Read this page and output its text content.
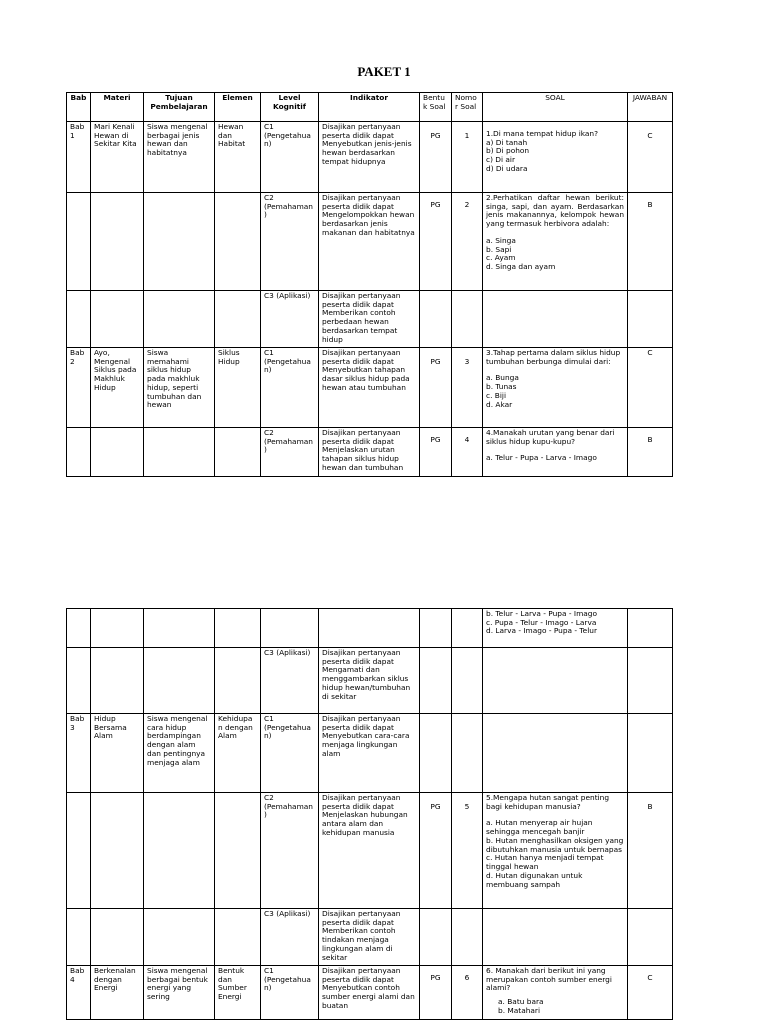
PAKET 1
Bab	Materi	Tujuan Pembelajaran	Elemen	Level Kognitif	Indikator	Bentuk Soal	Nomor Soal	SOAL	JAWABAN
Bab 1	Mari Kenali Hewan di Sekitar Kita	Siswa mengenal berbagai jenis hewan dan habitatnya	Hewan dan Habitat	C1 (Pengetahuan)	Disajikan pertanyaan peserta didik dapat Menyebutkan jenis-jenis hewan berdasarkan tempat hidupnya	PG	1	1.Di mana tempat hidup ikan?
a) Di tanah
b) Di pohon
c) Di air
d) Di udara	C
				C2 (Pemahaman)	Disajikan pertanyaan peserta didik dapat Mengelompokkan hewan berdasarkan jenis makanan dan habitatnya	PG	2	2.Perhatikan daftar hewan berikut: singa, sapi, dan ayam. Berdasarkan jenis makanannya, kelompok hewan yang termasuk herbivora adalah:
a. Singa
b. Sapi
c. Ayam
d. Singa dan ayam	B
				C3 (Aplikasi)	Disajikan pertanyaan peserta didik dapat Memberikan contoh perbedaan hewan berdasarkan tempat hidup				
Bab 2	Ayo, Mengenal Siklus pada Makhluk Hidup	Siswa memahami siklus hidup pada makhluk hidup, seperti tumbuhan dan hewan	Siklus Hidup	C1 (Pengetahuan)	Disajikan pertanyaan peserta didik dapat Menyebutkan tahapan dasar siklus hidup pada hewan atau tumbuhan	PG	3	3.Tahap pertama dalam siklus hidup tumbuhan berbunga dimulai dari:
a. Bunga
b. Tunas
c. Biji
d. Akar	C
				C2 (Pemahaman)	Disajikan pertanyaan peserta didik dapat Menjelaskan urutan tahapan siklus hidup hewan dan tumbuhan	PG	4	4.Manakah urutan yang benar dari siklus hidup kupu-kupu?
a. Telur - Pupa - Larva - Imago	B

								b. Telur - Larva - Pupa - Imago
c. Pupa - Telur - Imago - Larva
d. Larva - Imago - Pupa - Telur	

				C3 (Aplikasi)	Disajikan pertanyaan peserta didik dapat Mengamati dan menggambarkan siklus hidup hewan/tumbuhan di sekitar				
Bab 3	Hidup Bersama Alam	Siswa mengenal cara hidup berdampingan dengan alam dan pentingnya menjaga alam	Kehidupan dengan Alam	C1 (Pengetahuan)	Disajikan pertanyaan peserta didik dapat Menyebutkan cara-cara menjaga lingkungan alam				
				C2 (Pemahaman)	Disajikan pertanyaan peserta didik dapat Menjelaskan hubungan antara alam dan kehidupan manusia	PG	5	5.Mengapa hutan sangat penting bagi kehidupan manusia?
a. Hutan menyerap air hujan sehingga mencegah banjir
b. Hutan menghasilkan oksigen yang dibutuhkan manusia untuk bernapas
c. Hutan hanya menjadi tempat tinggal hewan
d. Hutan digunakan untuk membuang sampah	B
				C3 (Aplikasi)	Disajikan pertanyaan peserta didik dapat Memberikan contoh tindakan menjaga lingkungan alam di sekitar				
Bab 4	Berkenalan dengan Energi	Siswa mengenal berbagai bentuk energi yang sering	Bentuk dan Sumber Energi	C1 (Pengetahuan)	Disajikan pertanyaan peserta didik dapat Menyebutkan contoh sumber energi alami dan buatan	PG	6	6. Manakah dari berikut ini yang merupakan contoh sumber energi alami?
a. Batu bara
b. Matahari	C
